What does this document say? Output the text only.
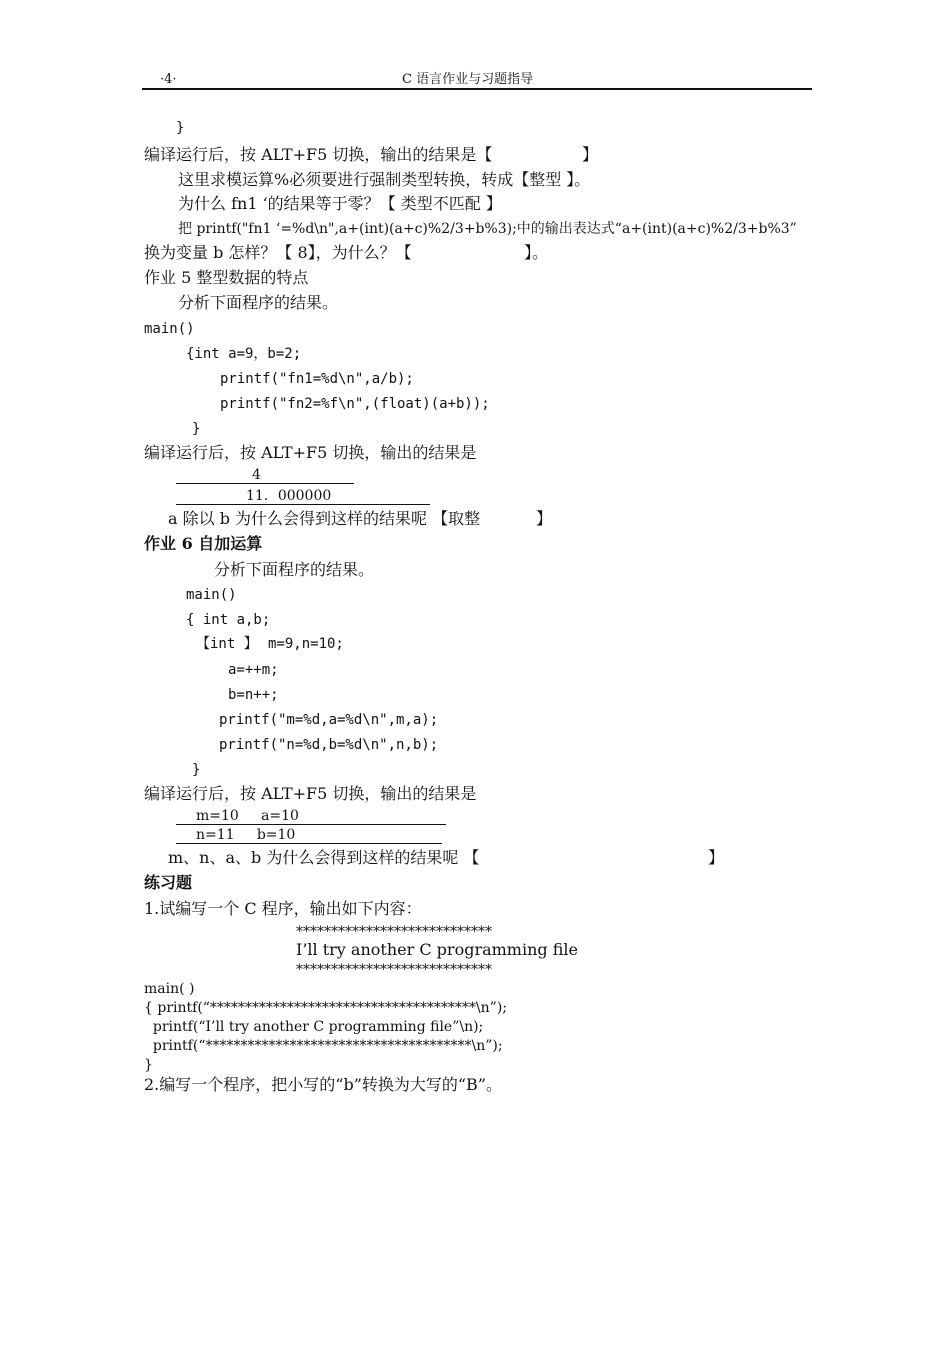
·4·	C 语言作业与习题指导
}
编译运行后，按 ALT+F5 切换，输出的结果是【	】
这里求模运算%必须要进行强制类型转换，转成【整型 】。
为什么 fn1 ‘的结果等于零？【 类型不匹配 】
把 printf("fn1 ‘=%d\n",a+(int)(a+c)%2/3+b%3);中的输出表达式“a+(int)(a+c)%2/3+b%3”
换为变量 b 怎样？【 8】，为什么？【	】。
作业 5 整型数据的特点
分析下面程序的结果。
main()
{int a=9，b=2;
printf("fn1=%d\n",a/b);
printf("fn2=%f\n",(float)(a+b));
}
编译运行后，按 ALT+F5 切换，输出的结果是
4
11．000000
a 除以 b 为什么会得到这样的结果呢 【取整	】
作业 6 自加运算
分析下面程序的结果。
main()
{ int a,b;
【int 】 m=9,n=10;
a=++m;
b=n++;
printf("m=%d,a=%d\n",m,a);
printf("n=%d,b=%d\n",n,b);
}
编译运行后，按 ALT+F5 切换，输出的结果是
m=10     a=10
n=11     b=10
m、n、a、b 为什么会得到这样的结果呢 【	】
练习题
1.试编写一个 C 程序，输出如下内容：
****************************
I’ll try another C programming file
****************************
main( )
{ printf(“**************************************\n”);
printf(“I’ll try another C programming file”\n);
printf(“**************************************\n”);
}
2.编写一个程序，把小写的“b”转换为大写的“B”。
